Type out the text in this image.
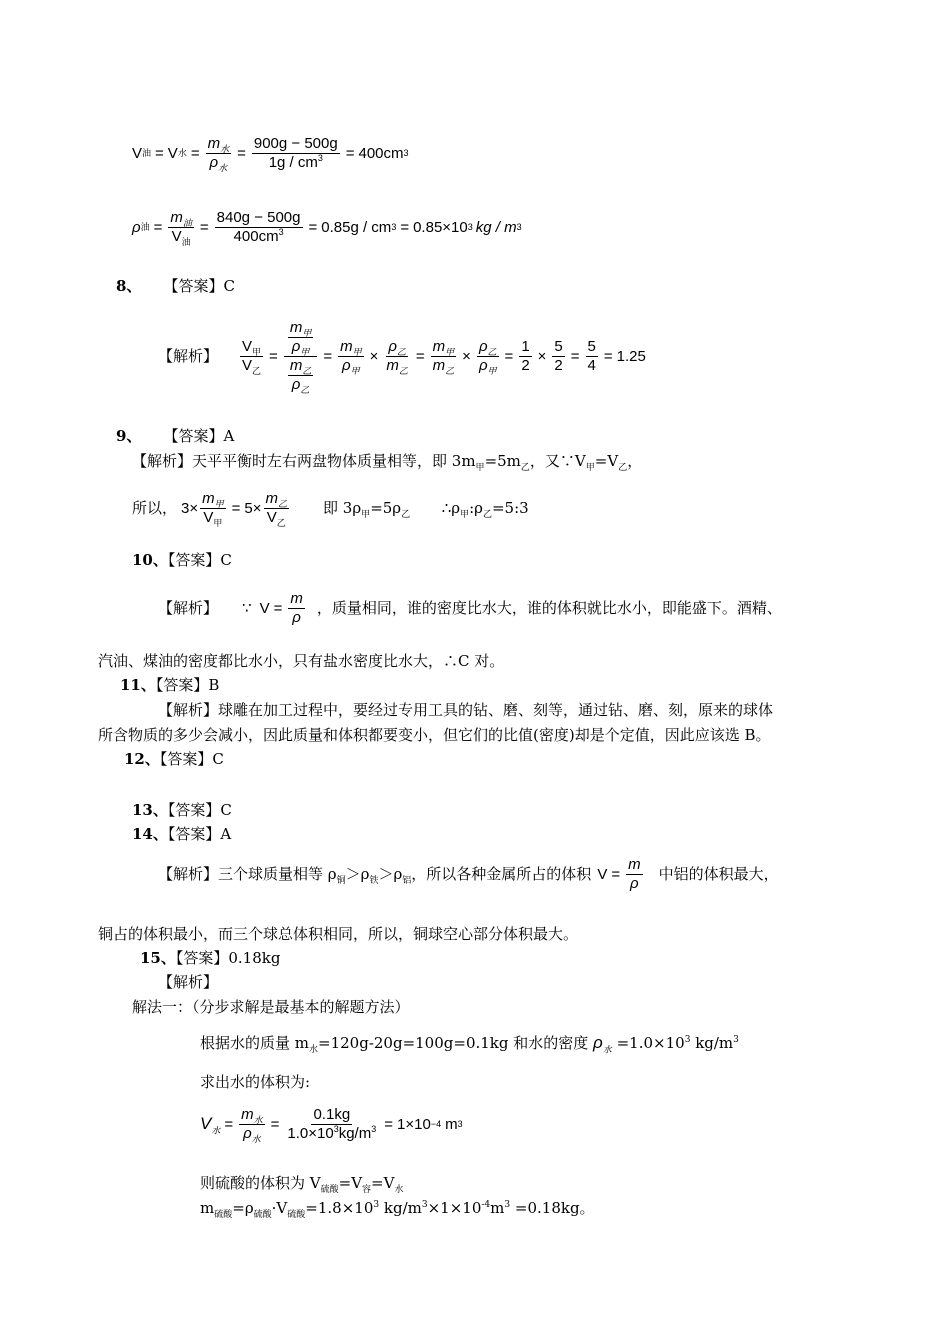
V 油 = V 水 = $\frac{m_水}{\rho_水} = \frac{900g - 500g}{1g / cm^3} = 400cm$ 3
ρ 油 = $\frac{m_油}{V_油} = \frac{840g - 500g}{400cm^3} = 0.85g$ / cm 3 = 0.85×10 3 kg / m 3
8、 【答案】C
【解析】 $\frac{V_甲}{V_乙} = \frac{\frac{m_甲}{\rho_甲}}{\frac{m_乙}{\rho_乙}} = \frac{m_甲}{\rho_甲} \times \frac{\rho_乙}{m_乙} = \frac{m_甲}{m_乙} \times \frac{\rho_乙}{\rho_甲} = \frac{1}{2} \times \frac{5}{2} = \frac{5}{4} = 1.25$
9、 【答案】A
【解析】天平平衡时左右两盘物体质量相等，即 $3m_甲=5m_乙$，又$\because V_甲=V_乙$，
所以， $3\times \frac{m_甲}{V_甲} = 5\times \frac{m_乙}{V_乙}$ 即 $3\rho_甲=5\rho_乙$ $\therefore\rho_甲:\rho_乙=5:3$
10、【答案】C
【解析】 ∵ $V = \frac{m}{\rho}$ ，质量相同，谁的密度比水大，谁的体积就比水小，即能盛下。酒精、
汽油、煤油的密度都比水小，只有盐水密度比水大，∴C 对。
11、【答案】B
【解析】球雕在加工过程中，要经过专用工具的钻、磨、刻等，通过钻、磨、刻，原来的球体
所含物质的多少会减小，因此质量和体积都要变小，但它们的比值(密度)却是个定值，因此应该选 B。
12、【答案】C
13、【答案】C
14、【答案】A
【解析】三个球质量相等 $\rho_铜>\rho_铁>\rho_铝$，所以各种金属所占的体积 $V = \frac{m}{\rho}$ 中铝的体积最大，
铜占的体积最小，而三个球总体积相同，所以，铜球空心部分体积最大。
15、【答案】0.18kg
【解析】
解法一：（分步求解是最基本的解题方法）
根据水的质量 $m_水=120g-20g=100g=0.1kg$ 和水的密度 $\rho_水 =1.0\times 10^3$ $kg/m^3$
求出水的体积为:
$V_水 = \frac{m_水}{\rho_水} = \frac{0.1kg}{1.0\times 10^3kg/m^3} = 1\times 10 -4$ m 3
则硫酸的体积为 $V_{硫酸}=V_容=V_水$
$m_{硫酸}=\rho_{硫酸}\cdot V_{硫酸}=1.8\times 10^3$ $kg/m^3\times 1\times 10^{-4}m^3 =0.18kg$。
